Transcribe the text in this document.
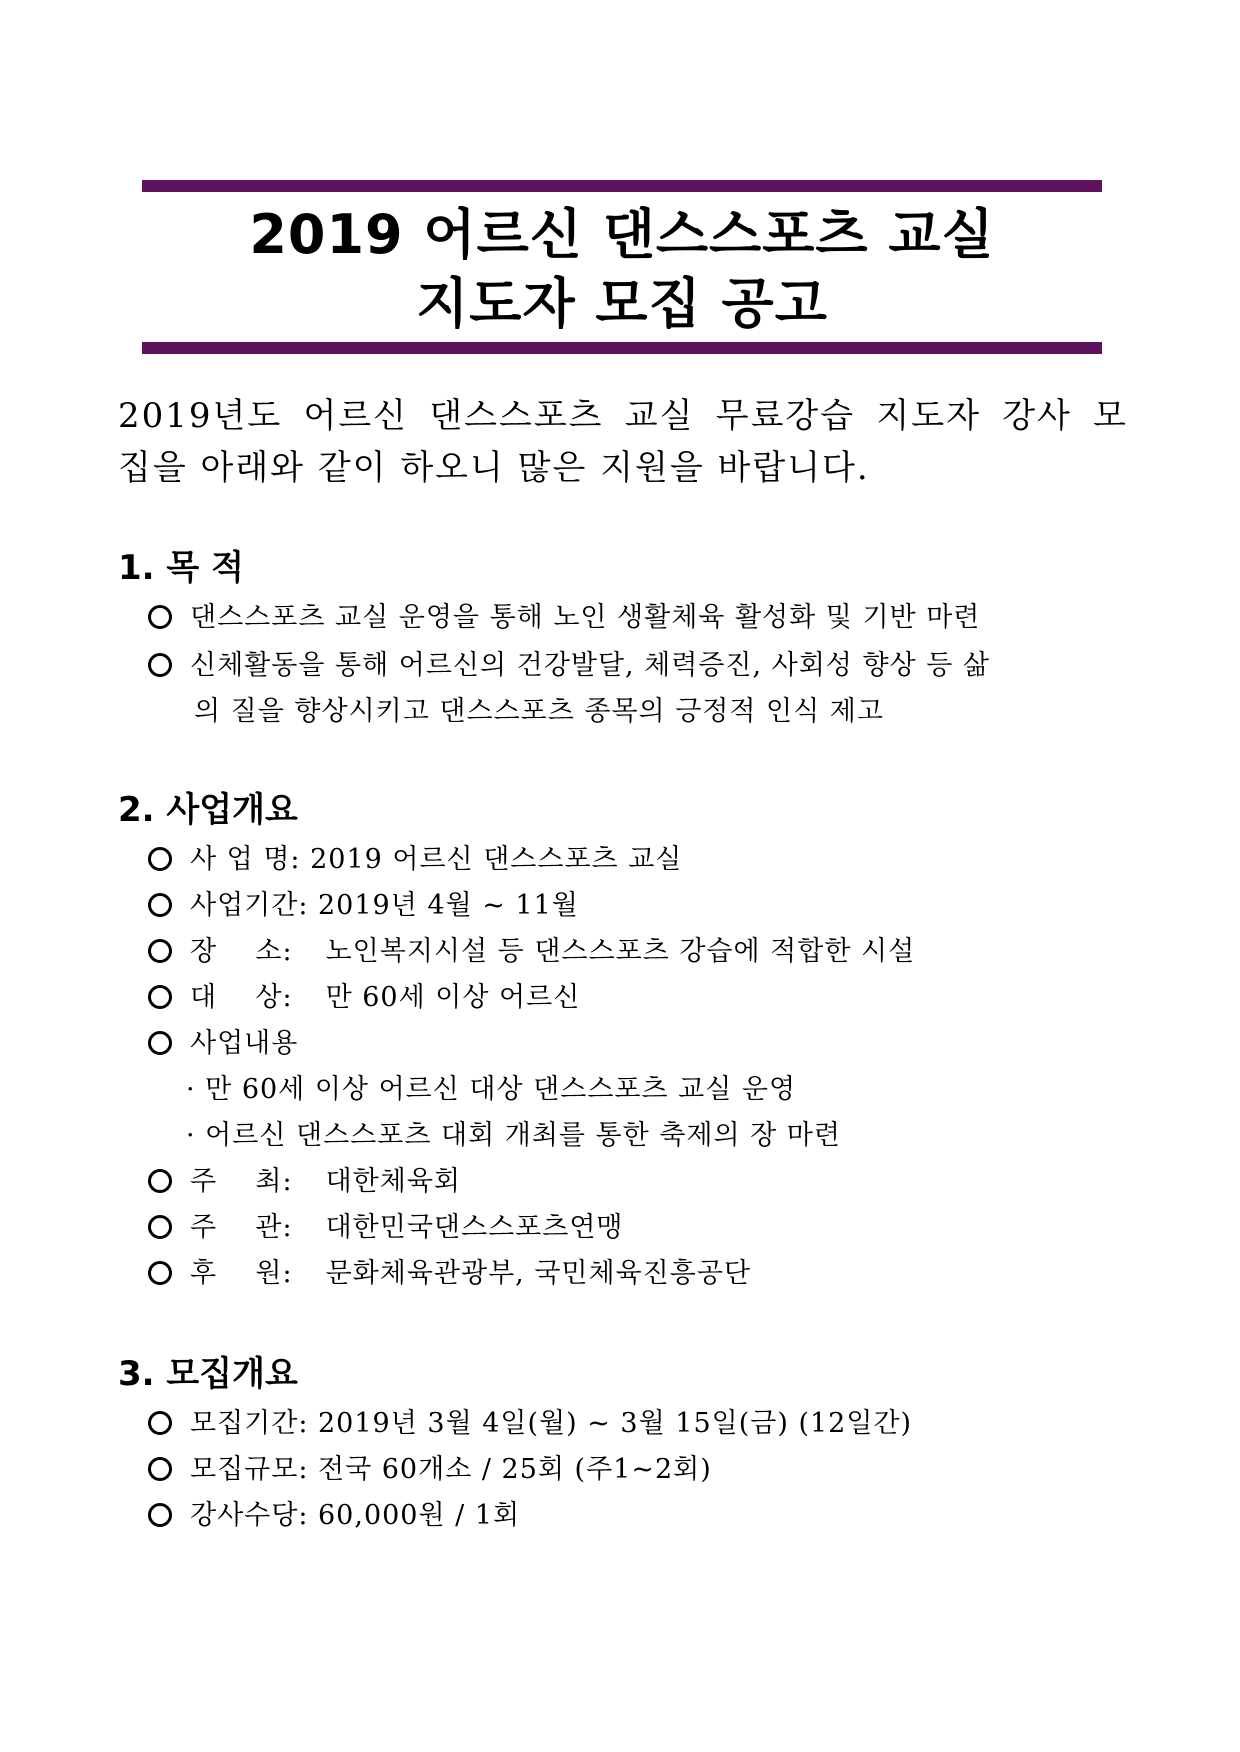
2019 어르신 댄스스포츠 교실
지도자 모집 공고
2019년도 어르신 댄스스포츠 교실 무료강습 지도자 강사 모
집을 아래와 같이 하오니 많은 지원을 바랍니다.
1. 목 적
댄스스포츠 교실 운영을 통해 노인 생활체육 활성화 및 기반 마련
신체활동을 통해 어르신의 건강발달, 체력증진, 사회성 향상 등 삶
의 질을 향상시키고 댄스스포츠 종목의 긍정적 인식 제고
2. 사업개요
사 업 명: 2019 어르신 댄스스포츠 교실
사업기간: 2019년 4월 ~ 11월
장    소: 노인복지시설 등 댄스스포츠 강습에 적합한 시설
대    상: 만 60세 이상 어르신
사업내용
· 만 60세 이상 어르신 대상 댄스스포츠 교실 운영
· 어르신 댄스스포츠 대회 개최를 통한 축제의 장 마련
주    최: 대한체육회
주    관: 대한민국댄스스포츠연맹
후    원: 문화체육관광부, 국민체육진흥공단
3. 모집개요
모집기간: 2019년 3월 4일(월) ~ 3월 15일(금) (12일간)
모집규모: 전국 60개소 / 25회 (주1~2회)
강사수당: 60,000원 / 1회
